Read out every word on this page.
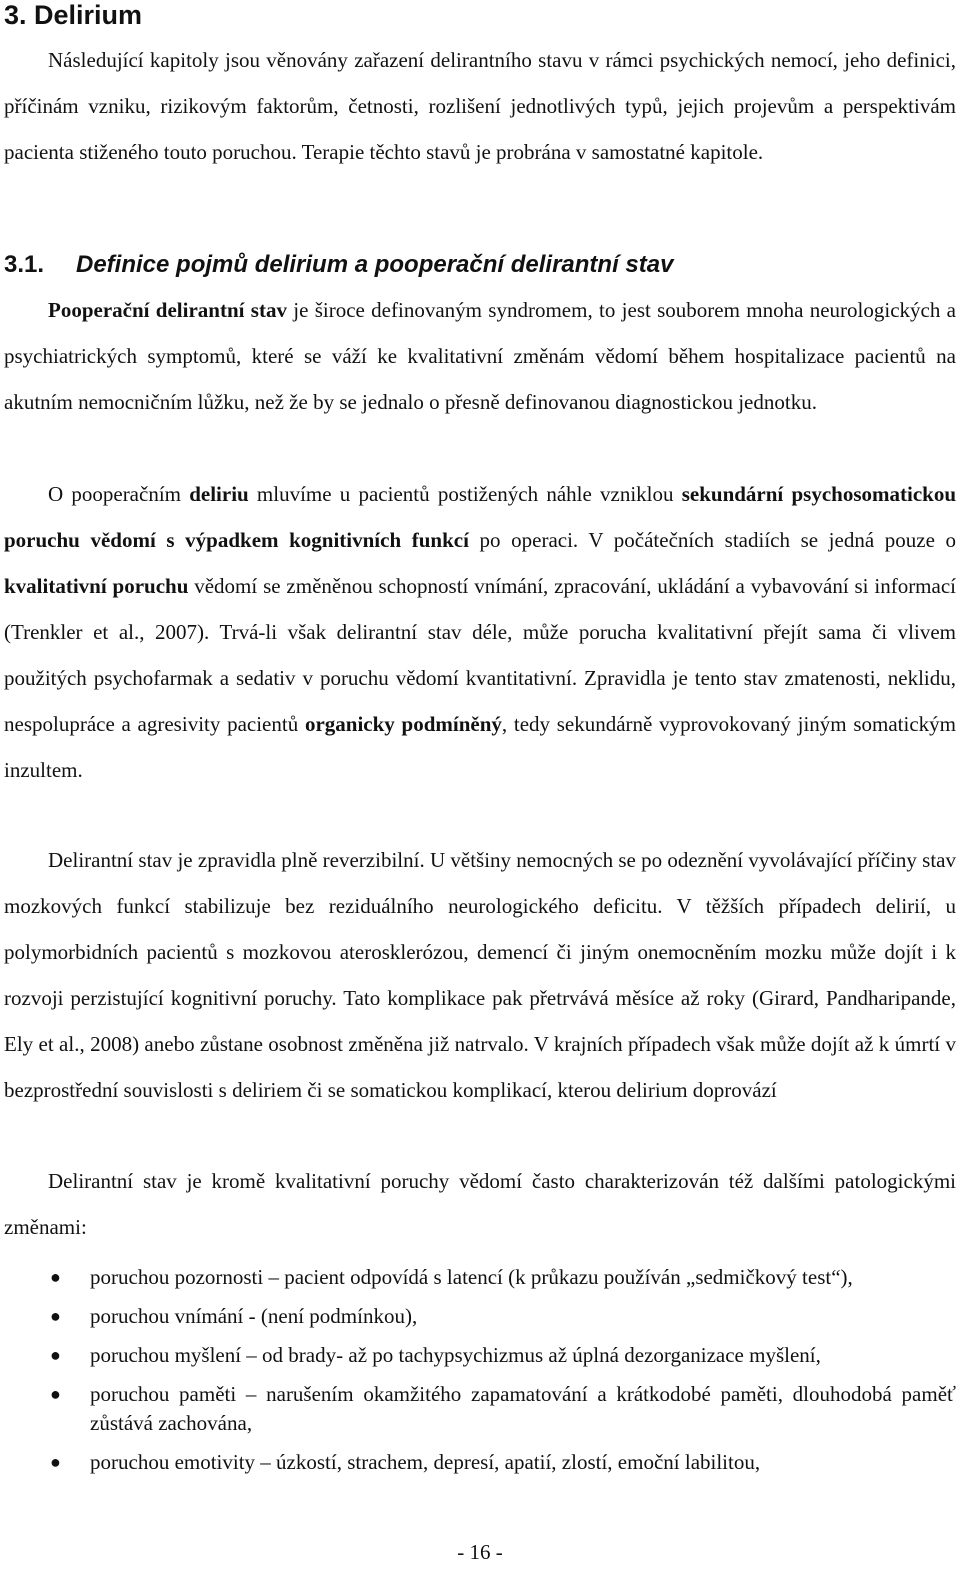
3. Delirium

Následující kapitoly jsou věnovány zařazení delirantního stavu v rámci psychických nemocí, jeho definici, příčinám vzniku, rizikovým faktorům, četnosti, rozlišení jednotlivých typů, jejich projevům a perspektivám pacienta stiženého touto poruchou. Terapie těchto stavů je probrána v samostatné kapitole.

3.1. Definice pojmů delirium a pooperační delirantní stav

Pooperační delirantní stav je široce definovaným syndromem, to jest souborem mnoha neurologických a psychiatrických symptomů, které se váží ke kvalitativní změnám vědomí během hospitalizace pacientů na akutním nemocničním lůžku, než že by se jednalo o přesně definovanou diagnostickou jednotku.

O pooperačním deliriu mluvíme u pacientů postižených náhle vzniklou sekundární psychosomatickou poruchu vědomí s výpadkem kognitivních funkcí po operaci. V počátečních stadiích se jedná pouze o kvalitativní poruchu vědomí se změněnou schopností vnímání, zpracování, ukládání a vybavování si informací (Trenkler et al., 2007). Trvá-li však delirantní stav déle, může porucha kvalitativní přejít sama či vlivem použitých psychofarmak a sedativ v poruchu vědomí kvantitativní. Zpravidla je tento stav zmatenosti, neklidu, nespolupráce a agresivity pacientů organicky podmíněný, tedy sekundárně vyprovokovaný jiným somatickým inzultem.

Delirantní stav je zpravidla plně reverzibilní. U většiny nemocných se po odeznění vyvolávající příčiny stav mozkových funkcí stabilizuje bez reziduálního neurologického deficitu. V těžších případech delirií, u polymorbidních pacientů s mozkovou aterosklerózou, demencí či jiným onemocněním mozku může dojít i k rozvoji perzistující kognitivní poruchy. Tato komplikace pak přetrvává měsíce až roky (Girard, Pandharipande, Ely et al., 2008) anebo zůstane osobnost změněna již natrvalo. V krajních případech však může dojít až k úmrtí v bezprostřední souvislosti s deliriem či se somatickou komplikací, kterou delirium doprovází

Delirantní stav je kromě kvalitativní poruchy vědomí často charakterizován též dalšími patologickými změnami:

● poruchou pozornosti – pacient odpovídá s latencí (k průkazu používán „sedmičkový test“),
● poruchou vnímání - (není podmínkou),
● poruchou myšlení – od brady- až po tachypsychizmus až úplná dezorganizace myšlení,
● poruchou paměti – narušením okamžitého zapamatování a krátkodobé paměti, dlouhodobá paměť zůstává zachována,
● poruchou emotivity – úzkostí, strachem, depresí, apatií, zlostí, emoční labilitou,
- 16 -
